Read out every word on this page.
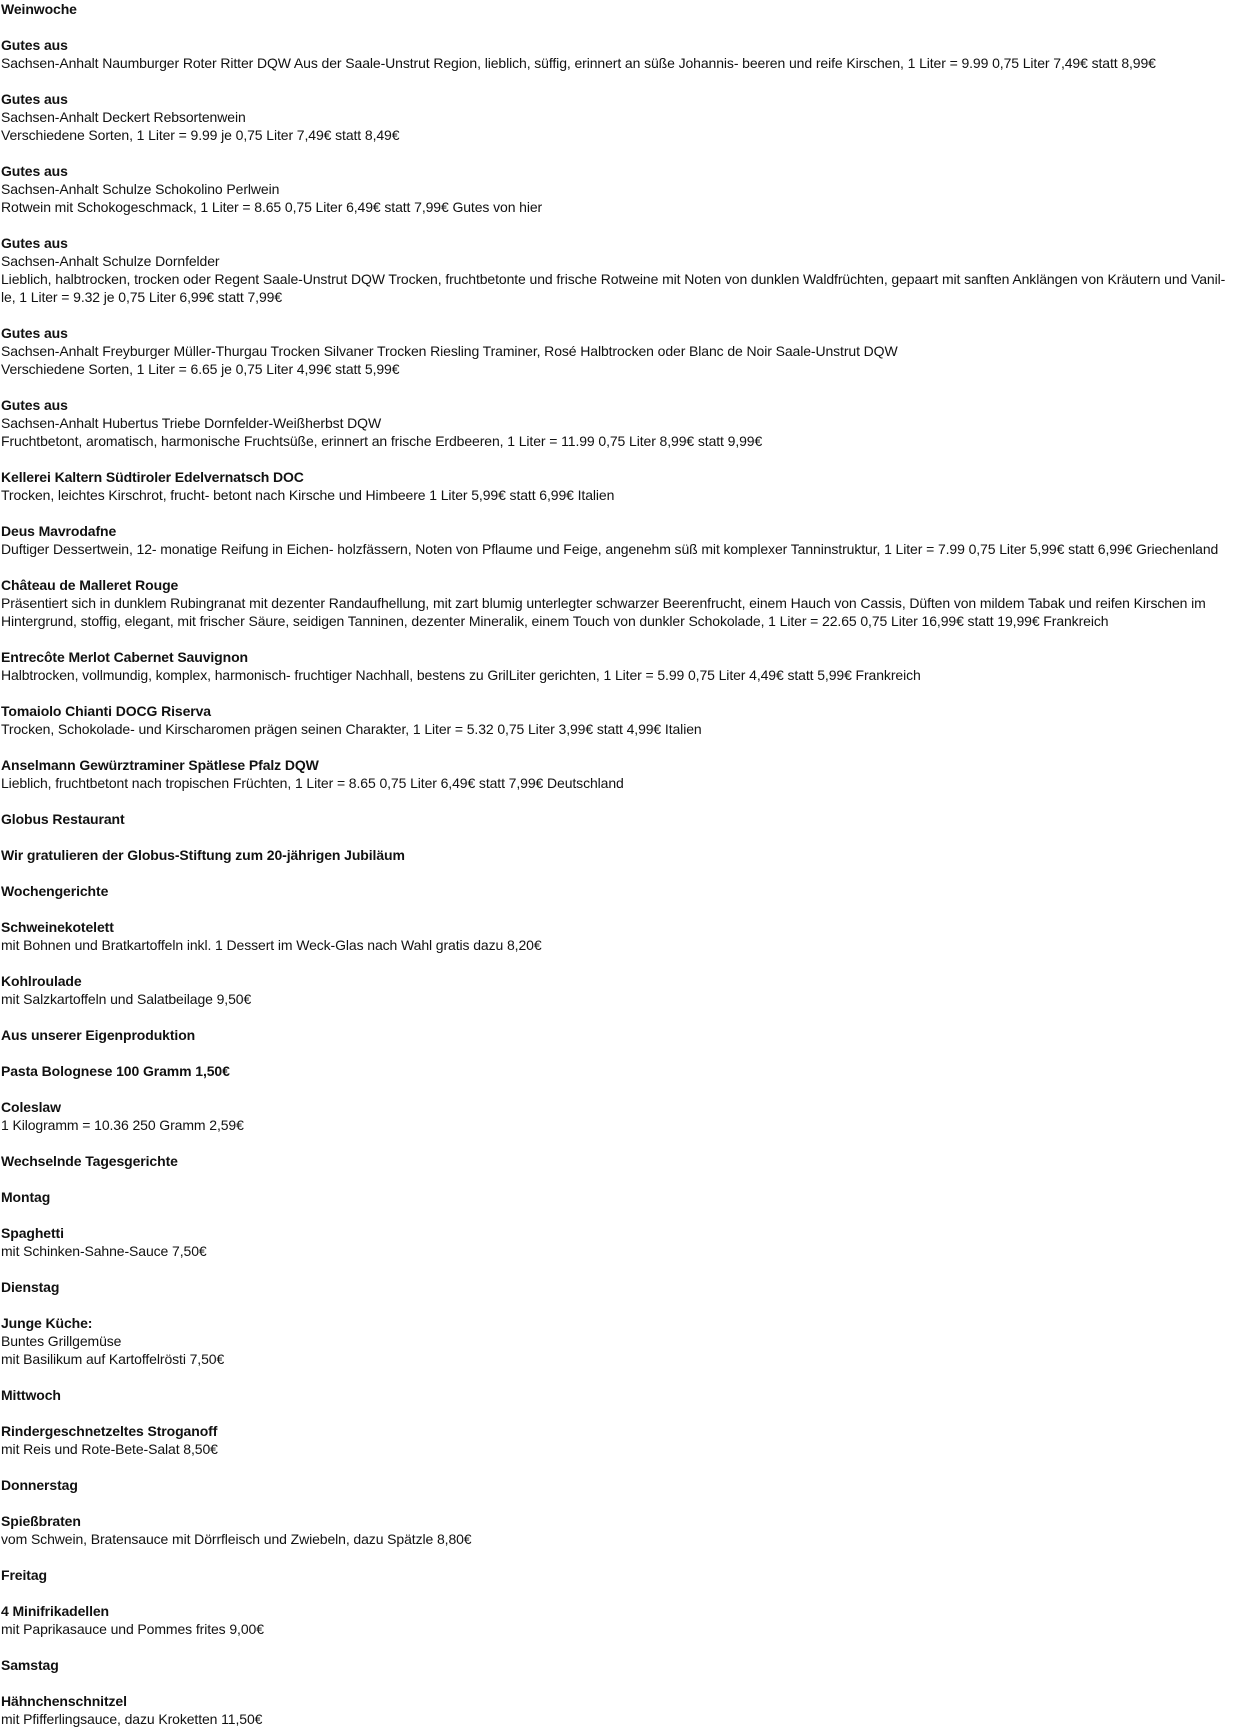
Weinwoche

Gutes aus

Sachsen-Anhalt Naumburger Roter Ritter DQW Aus der Saale-Unstrut Region, lieblich, süffig, erinnert an süße Johannis- beeren und reife Kirschen, 1 Liter = 9.99 0,75 Liter 7,49€ statt 8,99€

Gutes aus

Sachsen-Anhalt Deckert Rebsortenwein

Verschiedene Sorten, 1 Liter = 9.99 je 0,75 Liter 7,49€ statt 8,49€

Gutes aus

Sachsen-Anhalt Schulze Schokolino Perlwein

Rotwein mit Schokogeschmack, 1 Liter = 8.65 0,75 Liter 6,49€ statt 7,99€ Gutes von hier

Gutes aus

Sachsen-Anhalt Schulze Dornfelder

Lieblich, halbtrocken, trocken oder Regent Saale-Unstrut DQW Trocken, fruchtbetonte und frische Rotweine mit Noten von dunklen Waldfrüchten, gepaart mit sanften Anklängen von Kräutern und Vanil-

le, 1 Liter = 9.32 je 0,75 Liter 6,99€ statt 7,99€

Gutes aus

Sachsen-Anhalt Freyburger Müller-Thurgau Trocken Silvaner Trocken Riesling Traminer, Rosé Halbtrocken oder Blanc de Noir Saale-Unstrut DQW

Verschiedene Sorten, 1 Liter = 6.65 je 0,75 Liter 4,99€ statt 5,99€

Gutes aus

Sachsen-Anhalt Hubertus Triebe Dornfelder-Weißherbst DQW

Fruchtbetont, aromatisch, harmonische Fruchtsüße, erinnert an frische Erdbeeren, 1 Liter = 11.99 0,75 Liter 8,99€ statt 9,99€

Kellerei Kaltern Südtiroler Edelvernatsch DOC

Trocken, leichtes Kirschrot, frucht- betont nach Kirsche und Himbeere 1 Liter 5,99€ statt 6,99€ Italien

Deus Mavrodafne

Duftiger Dessertwein, 12- monatige Reifung in Eichen- holzfässern, Noten von Pflaume und Feige, angenehm süß mit komplexer Tanninstruktur, 1 Liter = 7.99 0,75 Liter 5,99€ statt 6,99€ Griechenland

Château de Malleret Rouge

Präsentiert sich in dunklem Rubingranat mit dezenter Randaufhellung, mit zart blumig unterlegter schwarzer Beerenfrucht, einem Hauch von Cassis, Düften von mildem Tabak und reifen Kirschen im

Hintergrund, stoffig, elegant, mit frischer Säure, seidigen Tanninen, dezenter Mineralik, einem Touch von dunkler Schokolade, 1 Liter = 22.65 0,75 Liter 16,99€ statt 19,99€ Frankreich

Entrecôte Merlot Cabernet Sauvignon

Halbtrocken, vollmundig, komplex, harmonisch- fruchtiger Nachhall, bestens zu GrilLiter gerichten, 1 Liter = 5.99 0,75 Liter 4,49€ statt 5,99€ Frankreich

Tomaiolo Chianti DOCG Riserva

Trocken, Schokolade- und Kirscharomen prägen seinen Charakter, 1 Liter = 5.32 0,75 Liter 3,99€ statt 4,99€ Italien

Anselmann Gewürztraminer Spätlese Pfalz DQW

Lieblich, fruchtbetont nach tropischen Früchten, 1 Liter = 8.65 0,75 Liter 6,49€ statt 7,99€ Deutschland

Globus Restaurant

Wir gratulieren der Globus-Stiftung zum 20-jährigen Jubiläum

Wochengerichte

Schweinekotelett

mit Bohnen und Bratkartoffeln inkl. 1 Dessert im Weck-Glas nach Wahl gratis dazu 8,20€

Kohlroulade

mit Salzkartoffeln und Salatbeilage 9,50€

Aus unserer Eigenproduktion

Pasta Bolognese 100 Gramm 1,50€

Coleslaw

1 Kilogramm = 10.36 250 Gramm 2,59€

Wechselnde Tagesgerichte

Montag

Spaghetti

mit Schinken-Sahne-Sauce 7,50€

Dienstag

Junge Küche:

Buntes Grillgemüse

mit Basilikum auf Kartoffelrösti 7,50€

Mittwoch

Rindergeschnetzeltes Stroganoff

mit Reis und Rote-Bete-Salat 8,50€

Donnerstag

Spießbraten

vom Schwein, Bratensauce mit Dörrfleisch und Zwiebeln, dazu Spätzle 8,80€

Freitag

4 Minifrikadellen

mit Paprikasauce und Pommes frites 9,00€

Samstag

Hähnchenschnitzel

mit Pfifferlingsauce, dazu Kroketten 11,50€
